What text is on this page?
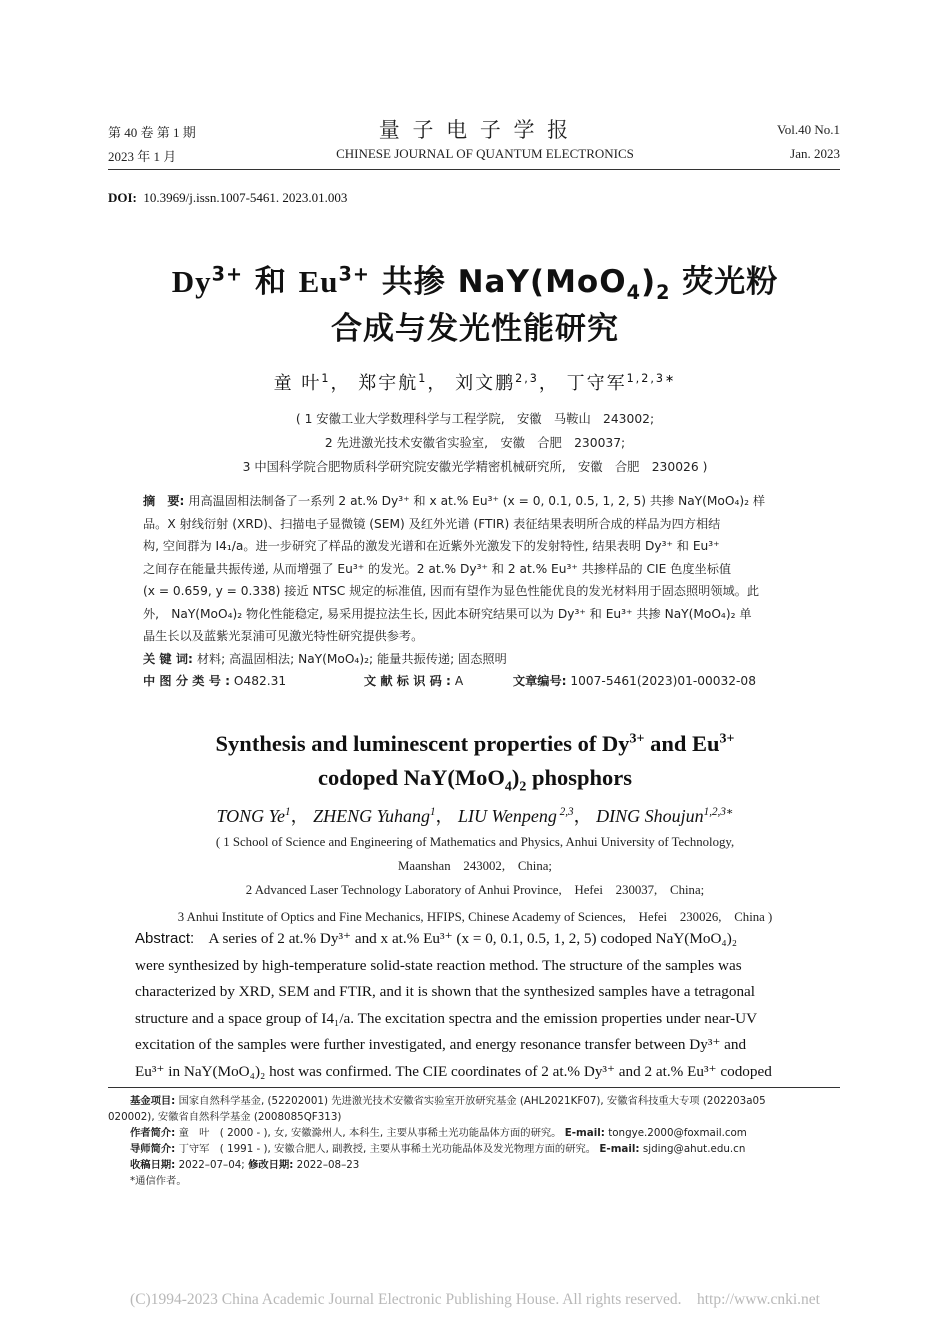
第 40 卷 第 1 期
2023 年 1 月
量 子 电 子 学 报
CHINESE JOURNAL OF QUANTUM ELECTRONICS
Vol.40 No.1
Jan. 2023
DOI: 10.3969/j.issn.1007-5461. 2023.01.003
$Dy^{3+}$ 和 $Eu^{3+}$ 共掺 $NaY(MoO_4)_2$ 荧光粉
合成与发光性能研究
童 叶$^1$， 郑宇航$^1$， 刘文鹏$^{2,3}$， 丁守军$^{1,2,3∗}$
( 1 安徽工业大学数理科学与工程学院,　安徽　马鞍山　243002;
2 先进激光技术安徽省实验室,　安徽　合肥　230037;
3 中国科学院合肥物质科学研究院安徽光学精密机械研究所,　安徽　合肥　230026 )
摘　要: 用高温固相法制备了一系列 2 at.% Dy³⁺ 和 x at.% Eu³⁺ (x = 0, 0.1, 0.5, 1, 2, 5) 共掺 NaY(MoO₄)₂ 样
品。X 射线衍射 (XRD)、扫描电子显微镜 (SEM) 及红外光谱 (FTIR) 表征结果表明所合成的样品为四方相结
构, 空间群为 I4₁/a。进一步研究了样品的激发光谱和在近紫外光激发下的发射特性, 结果表明 Dy³⁺ 和 Eu³⁺
之间存在能量共振传递, 从而增强了 Eu³⁺ 的发光。2 at.% Dy³⁺ 和 2 at.% Eu³⁺ 共掺样品的 CIE 色度坐标值
(x = 0.659, y = 0.338) 接近 NTSC 规定的标准值, 因而有望作为显色性能优良的发光材料用于固态照明领域。此
外,　NaY(MoO₄)₂ 物化性能稳定, 易采用提拉法生长, 因此本研究结果可以为 Dy³⁺ 和 Eu³⁺ 共掺 NaY(MoO₄)₂ 单
晶生长以及蓝紫光泵浦可见激光特性研究提供参考。
关 键 词: 材料; 高温固相法; NaY(MoO₄)₂; 能量共振传递; 固态照明
中 图 分 类 号 : O482.31	文 献 标 识 码 : A	文章编号: 1007-5461(2023)01-00032-08
Synthesis and luminescent properties of $Dy^{3+}$ and $Eu^{3+}$
codoped $NaY(MoO_4)_2$ phosphors
TONG Ye$^1$， ZHENG Yuhang$^1$， LIU Wenpeng $^{2,3}$， DING Shoujun$^{1,2,3∗}$
( 1 School of Science and Engineering of Mathematics and Physics, Anhui University of Technology,
Maanshan　243002,　China;
2 Advanced Laser Technology Laboratory of Anhui Province,　Hefei　230037,　China;
3 Anhui Institute of Optics and Fine Mechanics, HFIPS, Chinese Academy of Sciences,　Hefei　230026,　China )
Abstract: A series of 2 at.% Dy³⁺ and x at.% Eu³⁺ (x = 0, 0.1, 0.5, 1, 2, 5) codoped NaY(MoO₄)₂
were synthesized by high-temperature solid-state reaction method. The structure of the samples was
characterized by XRD, SEM and FTIR, and it is shown that the synthesized samples have a tetragonal
structure and a space group of I4₁/a. The excitation spectra and the emission properties under near-UV
excitation of the samples were further investigated, and energy resonance transfer between Dy³⁺ and
Eu³⁺ in NaY(MoO₄)₂ host was confirmed. The CIE coordinates of 2 at.% Dy³⁺ and 2 at.% Eu³⁺ codoped
基金项目: 国家自然科学基金, (52202001) 先进激光技术安徽省实验室开放研究基金 (AHL2021KF07), 安徽省科技重大专项 (202203a05
020002), 安徽省自然科学基金 (2008085QF313)
作者简介: 童　叶　( 2000 - ), 女, 安徽滁州人, 本科生, 主要从事稀土光功能晶体方面的研究。 E-mail: tongye.2000@foxmail.com
导师简介: 丁守军　( 1991 - ), 安徽合肥人, 副教授, 主要从事稀土光功能晶体及发光物理方面的研究。 E-mail: sjding@ahut.edu.cn
收稿日期: 2022–07–04; 修改日期: 2022–08–23
*通信作者。
(C)1994-2023 China Academic Journal Electronic Publishing House. All rights reserved.　http://www.cnki.net
